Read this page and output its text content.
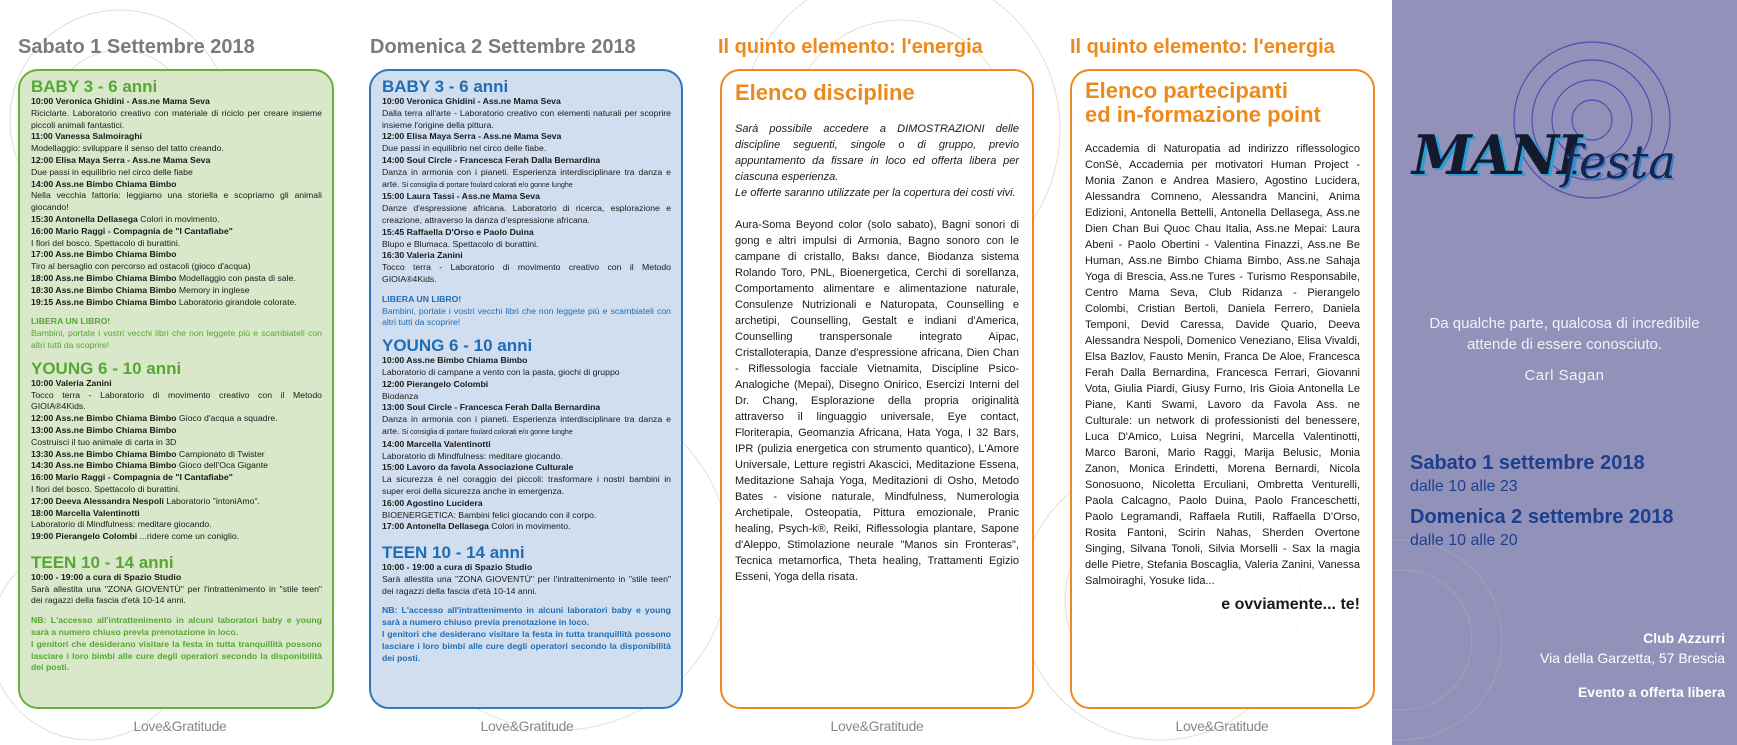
Sabato 1 Settembre 2018
BABY 3 - 6 anni
10:00 Veronica Ghidini - Ass.ne Mama Seva
Riciclarte. Laboratorio creativo con materiale di riciclo per creare insieme piccoli animali fantastici.
11:00 Vanessa Salmoiraghi
Modellaggio: sviluppare il senso del tatto creando.
12:00 Elisa Maya Serra - Ass.ne Mama Seva
Due passi in equilibrio nel circo delle fiabe
14:00 Ass.ne Bimbo Chiama Bimbo
Nella vecchia fattoria: leggiamo una storiella e scopriamo gli animali giocando!
15:30 Antonella Dellasega Colori in movimento.
16:00 Mario Raggi - Compagnia de "I Cantafiabe"
I fiori del bosco. Spettacolo di burattini.
17:00 Ass.ne Bimbo Chiama Bimbo
Tiro al bersaglio con percorso ad ostacoli (gioco d'acqua)
18:00 Ass.ne Bimbo Chiama Bimbo Modellaggio con pasta di sale.
18:30 Ass.ne Bimbo Chiama Bimbo Memory in inglese
19:15 Ass.ne Bimbo Chiama Bimbo Laboratorio girandole colorate.
LIBERA UN LIBRO!
Bambini, portate i vostri vecchi libri che non leggete più e scambiateli con altri tutti da scoprire!
YOUNG 6 - 10 anni
10:00 Valeria Zanini
Tocco terra - Laboratorio di movimento creativo con il Metodo GIOIA®4Kids.
12:00 Ass.ne Bimbo Chiama Bimbo Gioco d'acqua a squadre.
13:00 Ass.ne Bimbo Chiama Bimbo
Costruisci il tuo animale di carta in 3D
13:30 Ass.ne Bimbo Chiama Bimbo Campionato di Twister
14:30 Ass.ne Bimbo Chiama Bimbo Gioco dell'Oca Gigante
16:00 Mario Raggi - Compagnia de "I Cantafiabe"
I fiori del bosco. Spettacolo di burattini.
17:00 Deeva Alessandra Nespoli Laboratorio "intoniAmo".
18:00 Marcella Valentinotti
Laboratorio di Mindfulness: meditare giocando.
19:00 Pierangelo Colombi ...ridere come un coniglio.
TEEN 10 - 14 anni
10:00 - 19:00 a cura di Spazio Studio
Sarà allestita una "ZONA GIOVENTÙ" per l'intrattenimento in "stile teen" dei ragazzi della fascia d'età 10-14 anni.
NB: L'accesso all'intrattenimento in alcuni laboratori baby e young sarà a numero chiuso previa prenotazione in loco.
I genitori che desiderano visitare la festa in tutta tranquillità possono lasciare i loro bimbi alle cure degli operatori secondo la disponibilità dei posti.
Love&Gratitude
Domenica 2 Settembre 2018
BABY 3 - 6 anni
10:00 Veronica Ghidini - Ass.ne Mama Seva
Dalla terra all'arte - Laboratorio creativo con elementi naturali per scoprire insieme l'origine della pittura.
12:00 Elisa Maya Serra - Ass.ne Mama Seva
Due passi in equilibrio nel circo delle fiabe.
14:00 Soul Circle - Francesca Ferah Dalla Bernardina
Danza in armonia con i pianeti. Esperienza interdisciplinare tra danza e arte. Si consiglia di portare foulard colorati e/o gonne lunghe
15:00 Laura Tassi - Ass.ne Mama Seva
Danze d'espressione africana. Laboratorio di ricerca, esplorazione e creazione, attraverso la danza d'espressione africana.
15:45 Raffaella D'Orso e Paolo Duina
Blupo e Blumaca. Spettacolo di burattini.
16:30 Valeria Zanini
Tocco terra - Laboratorio di movimento creativo con il Metodo GIOIA®4Kids.
LIBERA UN LIBRO!
Bambini, portate i vostri vecchi libri che non leggete più e scambiateli con altri tutti da scoprire!
YOUNG 6 - 10 anni
10:00 Ass.ne Bimbo Chiama Bimbo
Laboratorio di campane a vento con la pasta, giochi di gruppo
12:00 Pierangelo Colombi
Biodanza
13:00 Soul Circle - Francesca Ferah Dalla Bernardina
Danza in armonia con i pianeti. Esperienza interdisciplinare tra danza e arte. Si consiglia di portare foulard colorati e/o gonne lunghe
14:00 Marcella Valentinotti
Laboratorio di Mindfulness: meditare giocando.
15:00 Lavoro da favola Associazione Culturale
La sicurezza è nel coraggio dei piccoli: trasformare i nostri bambini in super eroi della sicurezza anche in emergenza.
16:00 Agostino Lucidera
BIOENERGETICA: Bambini felici giocando con il corpo.
17:00 Antonella Dellasega Colori in movimento.
TEEN 10 - 14 anni
10:00 - 19:00 a cura di Spazio Studio
Sarà allestita una "ZONA GIOVENTÙ" per l'intrattenimento in "stile teen" dei ragazzi della fascia d'età 10-14 anni.
NB: L'accesso all'intrattenimento in alcuni laboratori baby e young sarà a numero chiuso previa prenotazione in loco.
I genitori che desiderano visitare la festa in tutta tranquillità possono lasciare i loro bimbi alle cure degli operatori secondo la disponibilità dei posti.
Love&Gratitude
Il quinto elemento: l'energia
Elenco discipline

Sarà possibile accedere a DIMOSTRAZIONI delle discipline seguenti, singole o di gruppo, previo appuntamento da fissare in loco ed offerta libera per ciascuna esperienza.

Le offerte saranno utilizzate per la copertura dei costi vivi.

Aura-Soma Beyond color (solo sabato), Bagni sonori di gong e altri impulsi di Armonia, Bagno sonoro con le campane di cristallo, Baksı dance, Biodanza sistema Rolando Toro, PNL, Bioenergetica, Cerchi di sorellanza, Comportamento alimentare e alimentazione naturale, Consulenze Nutrizionali e Naturopata, Counselling e archetipi, Counselling, Gestalt e indiani d'America, Counselling transpersonale integrato Aipac, Cristalloterapia, Danze d'espressione africana, Dien Chan - Riflessologia facciale Vietnamita, Discipline Psico-Analogiche (Mepai), Disegno Onirico, Esercizi Interni del Dr. Chang, Esplorazione della propria originalità attraverso il linguaggio universale, Eye contact, Floriterapia, Geomanzia Africana, Hata Yoga, I 32 Bars, IPR (pulizia energetica con strumento quantico), L'Amore Universale, Letture registri Akascici, Meditazione Essena, Meditazione Sahaja Yoga, Meditazioni di Osho, Metodo Bates - visione naturale, Mindfulness, Numerologia Archetipale, Osteopatia, Pittura emozionale, Pranic healing, Psych-k®, Reiki, Riflessologia plantare, Sapone d'Aleppo, Stimolazione neurale "Manos sin Fronteras", Tecnica metamorfica, Theta healing, Trattamenti Egizio Esseni, Yoga della risata.

Love&Gratitude
Il quinto elemento: l'energia
Elenco partecipanti
ed in-formazione point

Accademia di Naturopatia ad indirizzo riflessologico ConSè, Accademia per motivatori Human Project - Monia Zanon e Andrea Masiero, Agostino Lucidera, Alessandra Comneno, Alessandra Mancini, Anima Edizioni, Antonella Bettelli, Antonella Dellasega, Ass.ne Dien Chan Bui Quoc Chau Italia, Ass.ne Mepai: Laura Abeni - Paolo Obertini - Valentina Finazzi, Ass.ne Be Human, Ass.ne Bimbo Chiama Bimbo, Ass.ne Sahaja Yoga di Brescia, Ass.ne Tures - Turismo Responsabile, Centro Mama Seva, Club Ridanza - Pierangelo Colombi, Cristian Bertoli, Daniela Ferrero, Daniela Temponi, Devid Caressa, Davide Quario, Deeva Alessandra Nespoli, Domenico Veneziano, Elisa Vivaldi, Elsa Bazlov, Fausto Menin, Franca De Aloe, Francesca Ferah Dalla Bernardina, Francesca Ferrari, Giovanni Vota, Giulia Piardi, Giusy Furno, Iris Gioia Antonella Le Piane, Kanti Swami, Lavoro da Favola Ass. ne Culturale: un network di professionisti del benessere, Luca D'Amico, Luisa Negrini, Marcella Valentinotti, Marco Baroni, Mario Raggi, Marija Belusic, Monia Zanon, Monica Erindetti, Morena Bernardi, Nicola Sonosuono, Nicoletta Erculiani, Ombretta Venturelli, Paola Calcagno, Paolo Duina, Paolo Franceschetti, Paolo Legramandi, Raffaela Rutili, Raffaella D'Orso, Rosita Fantoni, Scirin Nahas, Sherden Overtone Singing, Silvana Tonoli, Silvia Morselli - Sax la magia delle Pietre, Stefania Boscaglia, Valeria Zanini, Vanessa Salmoiraghi, Yosuke Iida...

e ovviamente... te!

Love&Gratitude
MANI
festa
Da qualche parte, qualcosa di incredibile
attende di essere conosciuto.
Carl Sagan
Sabato 1 settembre 2018
dalle 10 alle 23
Domenica 2 settembre 2018
dalle 10 alle 20
Club Azzurri
Via della Garzetta, 57 Brescia
Evento a offerta libera
